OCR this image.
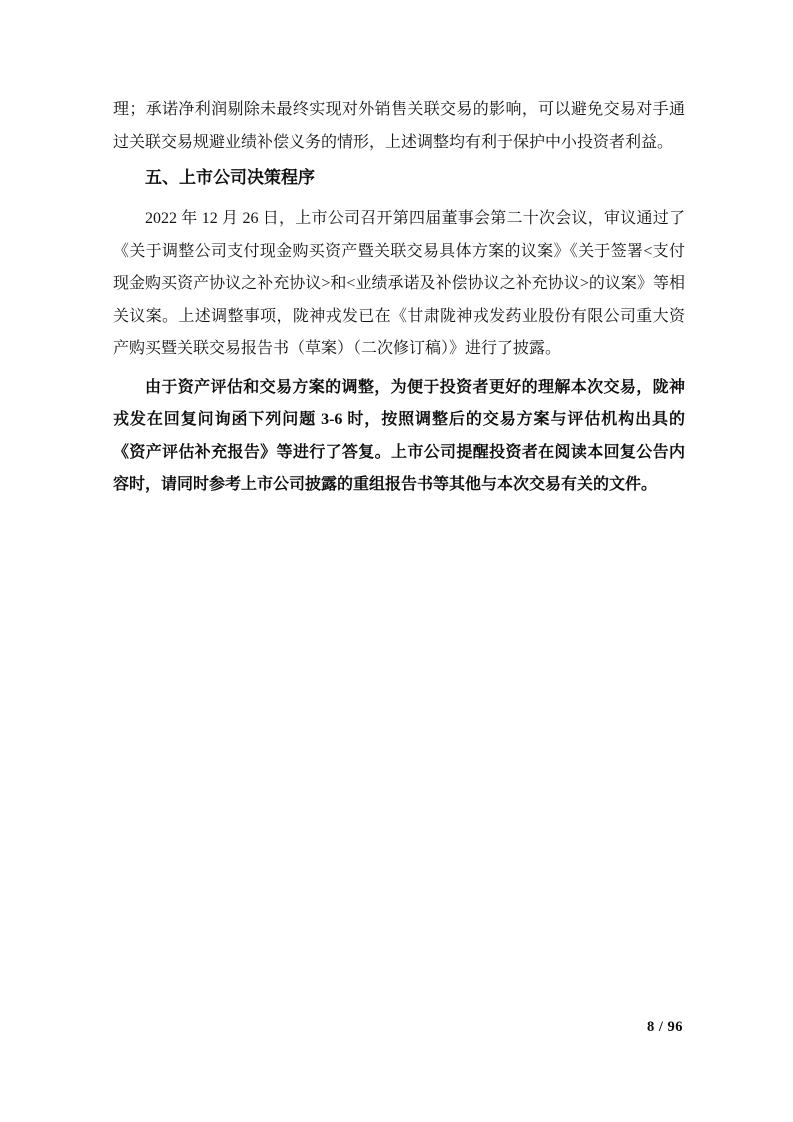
理；承诺净利润剔除未最终实现对外销售关联交易的影响，可以避免交易对手通过关联交易规避业绩补偿义务的情形，上述调整均有利于保护中小投资者利益。

五、上市公司决策程序

2022 年 12 月 26 日，上市公司召开第四届董事会第二十次会议，审议通过了《关于调整公司支付现金购买资产暨关联交易具体方案的议案》《关于签署<支付现金购买资产协议之补充协议>和<业绩承诺及补偿协议之补充协议>的议案》等相关议案。上述调整事项，陇神戎发已在《甘肃陇神戎发药业股份有限公司重大资产购买暨关联交易报告书（草案）（二次修订稿）》进行了披露。

由于资产评估和交易方案的调整，为便于投资者更好的理解本次交易，陇神戎发在回复问询函下列问题 3-6 时，按照调整后的交易方案与评估机构出具的《资产评估补充报告》等进行了答复。上市公司提醒投资者在阅读本回复公告内容时，请同时参考上市公司披露的重组报告书等其他与本次交易有关的文件。

8 / 96
